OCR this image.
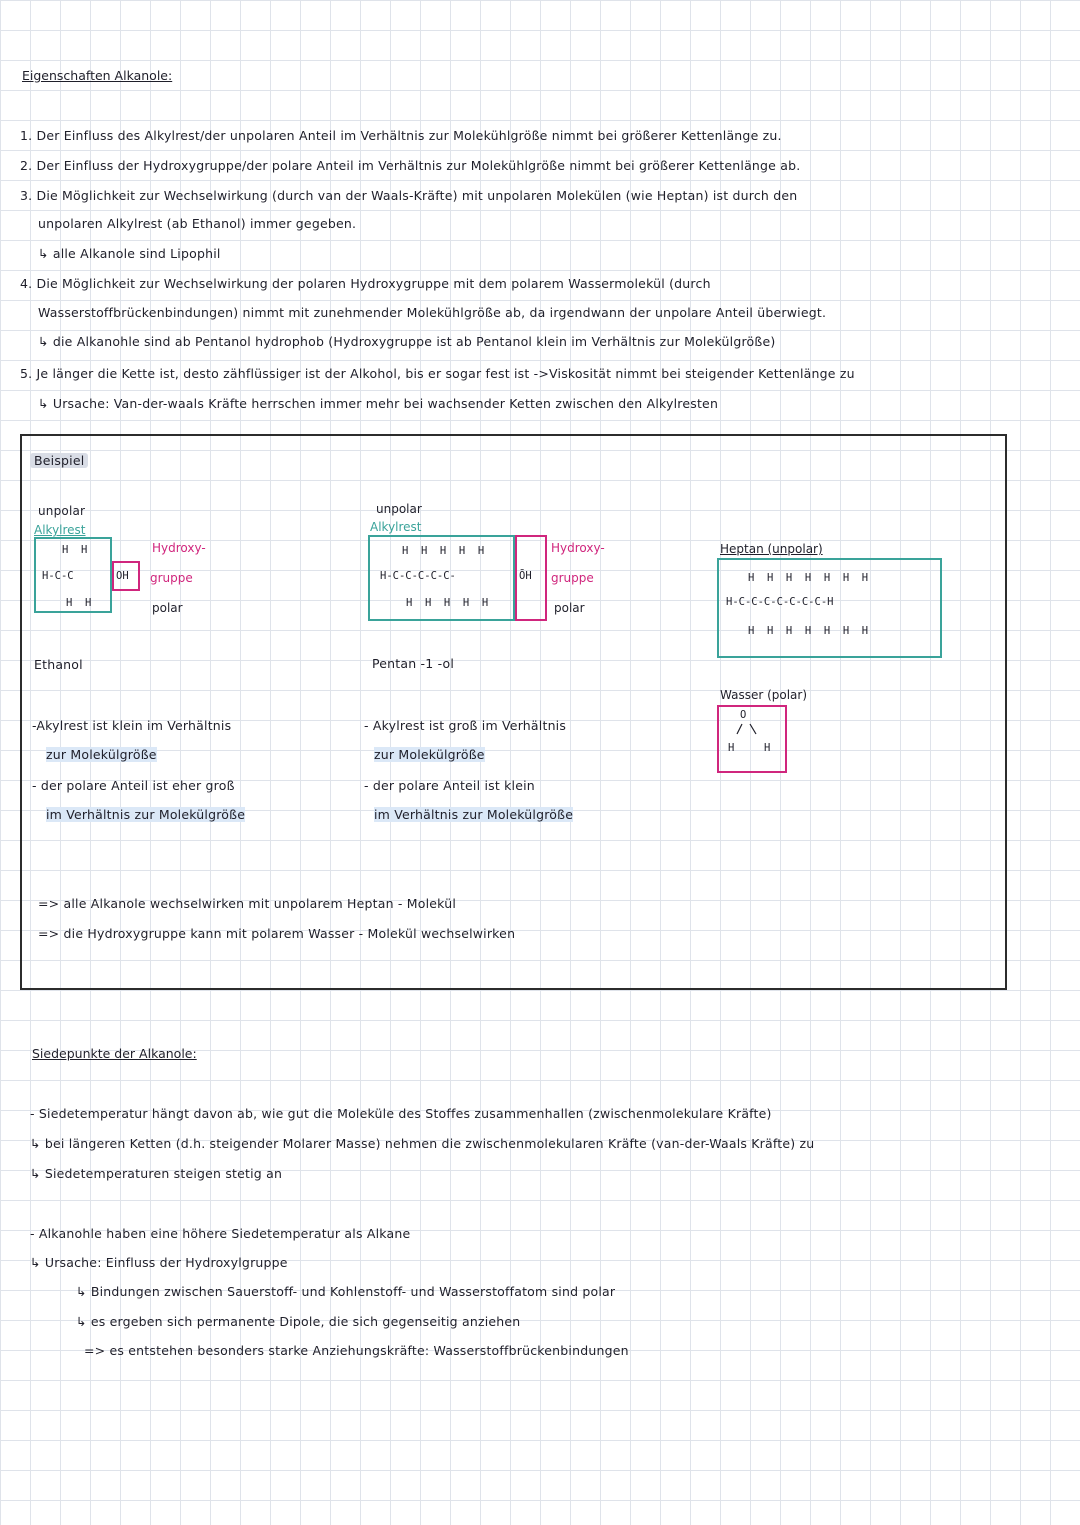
Eigenschaften Alkanole:
1. Der Einfluss des Alkylrest/der unpolaren Anteil im Verhältnis zur Molekühlgröße nimmt bei größerer Kettenlänge zu.
2. Der Einfluss der Hydroxygruppe/der polare Anteil im Verhältnis zur Molekühlgröße nimmt bei größerer Kettenlänge ab.
3. Die Möglichkeit zur Wechselwirkung (durch van der Waals-Kräfte) mit unpolaren Molekülen (wie Heptan) ist durch den
unpolaren Alkylrest (ab Ethanol) immer gegeben.
↳ alle Alkanole sind Lipophil
4. Die Möglichkeit zur Wechselwirkung der polaren Hydroxygruppe mit dem polarem Wassermolekül (durch
Wasserstoffbrückenbindungen) nimmt mit zunehmender Molekühlgröße ab, da irgendwann der unpolare Anteil überwiegt.
↳ die Alkanohle sind ab Pentanol hydrophob (Hydroxygruppe ist ab Pentanol klein im Verhältnis zur Molekülgröße)
5. Je länger die Kette ist, desto zähflüssiger ist der Alkohol, bis er sogar fest ist ->Viskosität nimmt bei steigender Kettenlänge zu
↳ Ursache: Van-der-waals Kräfte herrschen immer mehr bei wachsender Ketten zwischen den Alkylresten
Beispiel
unpolar
Alkylrest
H  H
H-C-C	OH
H  H
Hydroxy-
gruppe
polar
Ethanol
-Akylrest ist klein im Verhältnis
zur Molekülgröße
- der polare Anteil ist eher groß
im Verhältnis zur Molekülgröße
unpolar
Alkylrest
H  H  H  H  H
H-C-C-C-C-C-	ŌH
H  H  H  H  H
Hydroxy-
gruppe
polar
Pentan -1 -ol
- Akylrest ist groß im Verhältnis
zur Molekülgröße
- der polare Anteil ist klein
im Verhältnis zur Molekülgröße
Heptan (unpolar)
H  H  H  H  H  H  H
H-C-C-C-C-C-C-C-H
H  H  H  H  H  H  H
Wasser (polar)
O
H	H
=> alle Alkanole wechselwirken mit unpolarem Heptan - Molekül
=> die Hydroxygruppe kann mit polarem Wasser - Molekül wechselwirken
Siedepunkte der Alkanole:
- Siedetemperatur hängt davon ab, wie gut die Moleküle des Stoffes zusammenhallen (zwischenmolekulare Kräfte)
↳ bei längeren Ketten (d.h. steigender Molarer Masse) nehmen die zwischenmolekularen Kräfte (van-der-Waals Kräfte) zu
↳ Siedetemperaturen steigen stetig an
- Alkanohle haben eine höhere Siedetemperatur als Alkane
↳ Ursache: Einfluss der Hydroxylgruppe
↳ Bindungen zwischen Sauerstoff- und Kohlenstoff- und Wasserstoffatom sind polar
↳ es ergeben sich permanente Dipole, die sich gegenseitig anziehen
=> es entstehen besonders starke Anziehungskräfte: Wasserstoffbrückenbindungen
